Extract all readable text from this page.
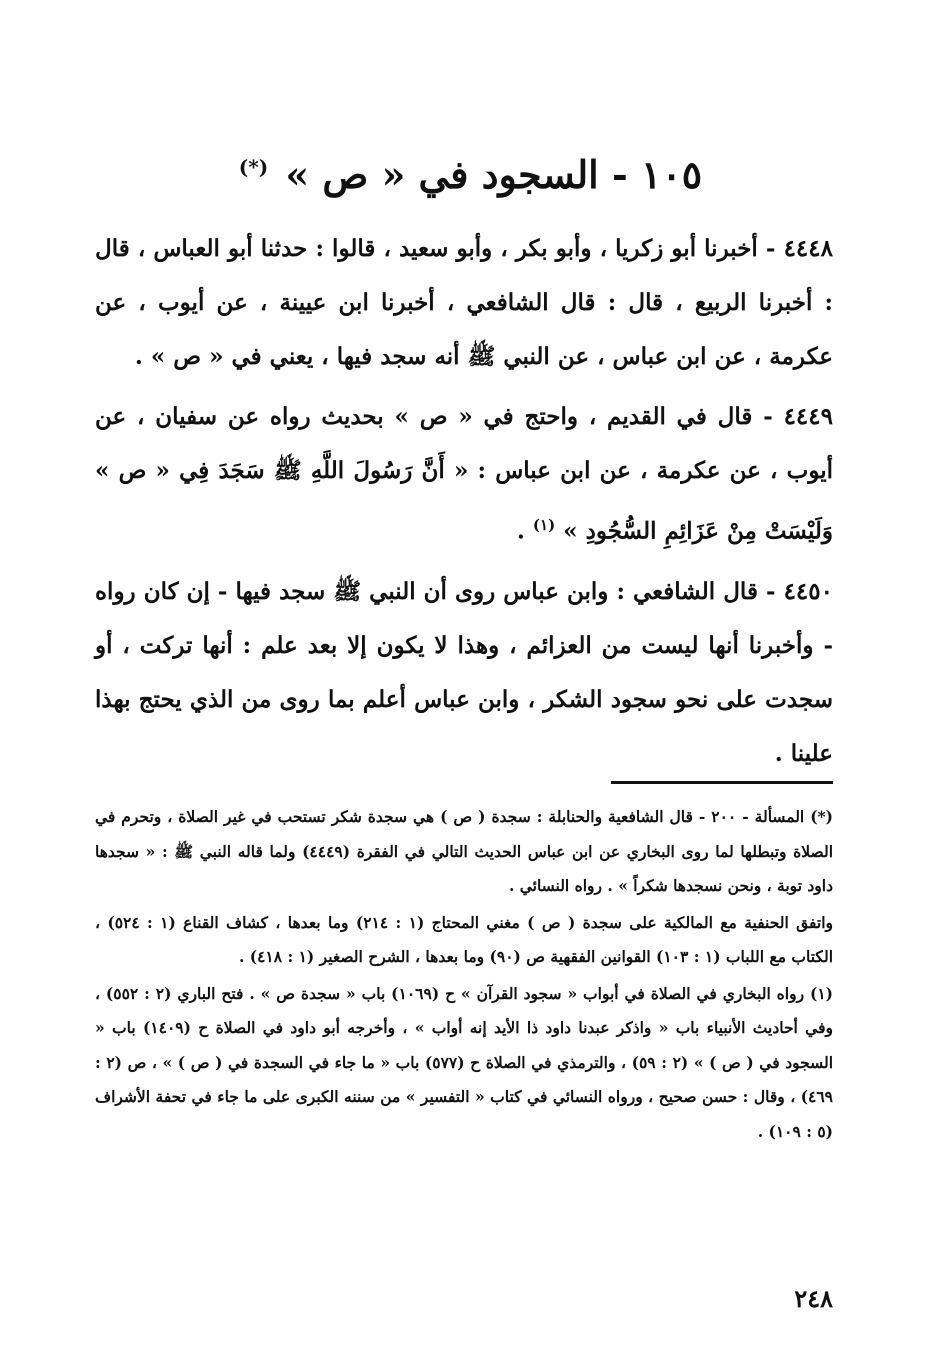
١٠٥ - السجود في « ص » (*)

٤٤٤٨ - أخبرنا أبو زكريا ، وأبو بكر ، وأبو سعيد ، قالوا : حدثنا أبو العباس ، قال : أخبرنا الربيع ، قال : قال الشافعي ، أخبرنا ابن عيينة ، عن أيوب ، عن عكرمة ، عن ابن عباس ، عن النبي ﷺ أنه سجد فيها ، يعني في « ص » .

٤٤٤٩ - قال في القديم ، واحتج في « ص » بحديث رواه عن سفيان ، عن أيوب ، عن عكرمة ، عن ابن عباس : « أَنَّ رَسُولَ اللَّهِ ﷺ سَجَدَ فِي « ص » وَلَيْسَتْ مِنْ عَزَائِمِ السُّجُودِ » $^{(١)}$ .

٤٤٥٠ - قال الشافعي : وابن عباس روى أن النبي ﷺ سجد فيها - إن كان رواه - وأخبرنا أنها ليست من العزائم ، وهذا لا يكون إلا بعد علم : أنها تركت ، أو سجدت على نحو سجود الشكر ، وابن عباس أعلم بما روى من الذي يحتج بهذا علينا .

(*) المسألة - ٢٠٠ - قال الشافعية والحنابلة : سجدة ( ص ) هي سجدة شكر تستحب في غير الصلاة ، وتحرم في الصلاة وتبطلها لما روى البخاري عن ابن عباس الحديث التالي في الفقرة (٤٤٤٩) ولما قاله النبي ﷺ : « سجدها داود توبة ، ونحن نسجدها شكراً » . رواه النسائي .

واتفق الحنفية مع المالكية على سجدة ( ص ) مغني المحتاج (١ : ٢١٤) وما بعدها ، كشاف القناع (١ : ٥٢٤) ، الكتاب مع اللباب (١ : ١٠٣) القوانين الفقهية ص (٩٠) وما بعدها ، الشرح الصغير (١ : ٤١٨) .

(١) رواه البخاري في الصلاة في أبواب « سجود القرآن » ح (١٠٦٩) باب « سجدة ص » . فتح الباري (٢ : ٥٥٢) ، وفي أحاديث الأنبياء باب « واذكر عبدنا داود ذا الأيد إنه أواب » ، وأخرجه أبو داود في الصلاة ح (١٤٠٩) باب « السجود في ( ص ) » (٢ : ٥٩) ، والترمذي في الصلاة ح (٥٧٧) باب « ما جاء في السجدة في ( ص ) » ، ص (٢ : ٤٦٩) ، وقال : حسن صحيح ، ورواه النسائي في كتاب « التفسير » من سننه الكبرى على ما جاء في تحفة الأشراف (٥ : ١٠٩) .

٢٤٨
